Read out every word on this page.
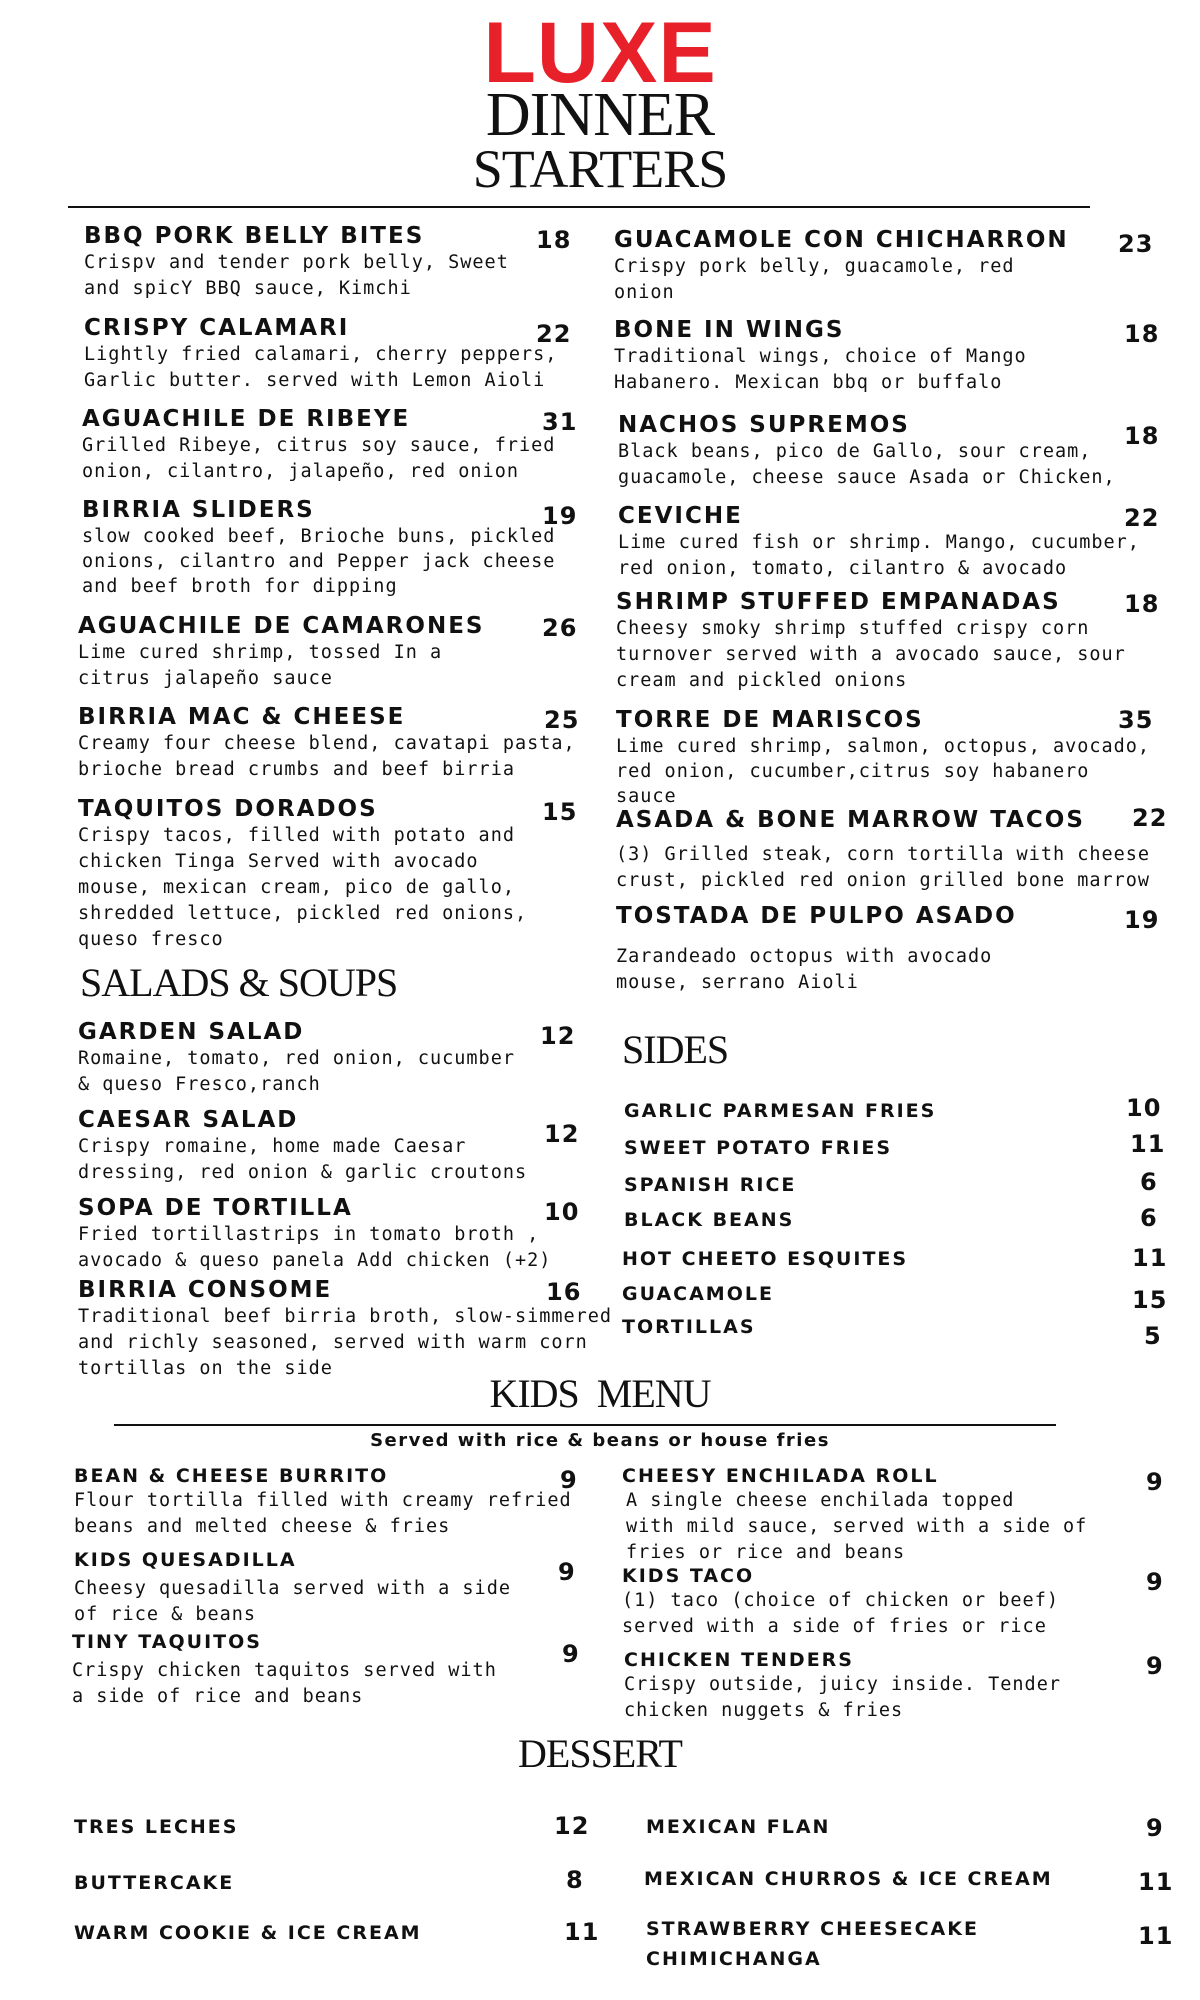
LUXE
DINNER
STARTERS
BBQ PORK BELLY BITES
Crispv and tender pork belly, Sweet
and spicY BBQ sauce, Kimchi
18
CRISPY CALAMARI
Lightly fried calamari, cherry peppers,
Garlic butter. served with Lemon Aioli
22
AGUACHILE DE RIBEYE
Grilled Ribeye, citrus soy sauce, fried
onion, cilantro, jalapeño, red onion
31
BIRRIA SLIDERS
slow cooked beef, Brioche buns, pickled
onions, cilantro and Pepper jack cheese
and beef broth for dipping
19
AGUACHILE DE CAMARONES
Lime cured shrimp, tossed In a
citrus jalapeño sauce
26
BIRRIA MAC & CHEESE
Creamy four cheese blend, cavatapi pasta,
brioche bread crumbs and beef birria
25
TAQUITOS DORADOS
Crispy tacos, filled with potato and
chicken Tinga Served with avocado
mouse, mexican cream, pico de gallo,
shredded lettuce, pickled red onions,
queso fresco
15
GUACAMOLE CON CHICHARRON
Crispy pork belly, guacamole, red
onion
23
BONE IN WINGS
Traditional wings, choice of Mango
Habanero. Mexican bbq or buffalo
18
NACHOS SUPREMOS
Black beans, pico de Gallo, sour cream,
guacamole, cheese sauce Asada or Chicken,
18
CEVICHE
Lime cured fish or shrimp. Mango, cucumber,
red onion, tomato, cilantro & avocado
22
SHRIMP STUFFED EMPANADAS
Cheesy smoky shrimp stuffed crispy corn
turnover served with a avocado sauce, sour
cream and pickled onions
18
TORRE DE MARISCOS
Lime cured shrimp, salmon, octopus, avocado,
red onion, cucumber,citrus soy habanero
sauce
35
ASADA & BONE MARROW TACOS
(3) Grilled steak, corn tortilla with cheese
crust, pickled red onion grilled bone marrow
22
TOSTADA DE PULPO ASADO
Zarandeado octopus with avocado
mouse, serrano Aioli
19
SALADS & SOUPS
GARDEN SALAD
Romaine, tomato, red onion, cucumber
& queso Fresco,ranch
12
CAESAR SALAD
Crispy romaine, home made Caesar
dressing, red onion & garlic croutons
12
SOPA DE TORTILLA
Fried tortillastrips in tomato broth ,
avocado & queso panela Add chicken (+2)
10
BIRRIA CONSOME
Traditional beef birria broth, slow-simmered
and richly seasoned, served with warm corn
tortillas on the side
16
SIDES
GARLIC PARMESAN FRIES	10
SWEET POTATO FRIES	11
SPANISH RICE	6
BLACK BEANS	6
HOT CHEETO ESQUITES	11
GUACAMOLE	15
TORTILLAS	5
KIDS  MENU
Served with rice & beans or house fries
BEAN & CHEESE BURRITO
Flour tortilla filled with creamy refried
beans and melted cheese & fries
9
KIDS QUESADILLA
Cheesy quesadilla served with a side
of rice & beans
9
TINY TAQUITOS
Crispy chicken taquitos served with
a side of rice and beans
9
CHEESY ENCHILADA ROLL
A single cheese enchilada topped
with mild sauce, served with a side of
fries or rice and beans
9
KIDS TACO
(1) taco (choice of chicken or beef)
served with a side of fries or rice
9
CHICKEN TENDERS
Crispy outside, juicy inside. Tender
chicken nuggets & fries
9
DESSERT
TRES LECHES	12
BUTTERCAKE	8
WARM COOKIE & ICE CREAM	11
MEXICAN FLAN	9
MEXICAN CHURROS & ICE CREAM	11
STRAWBERRY CHEESECAKE
CHIMICHANGA
11
